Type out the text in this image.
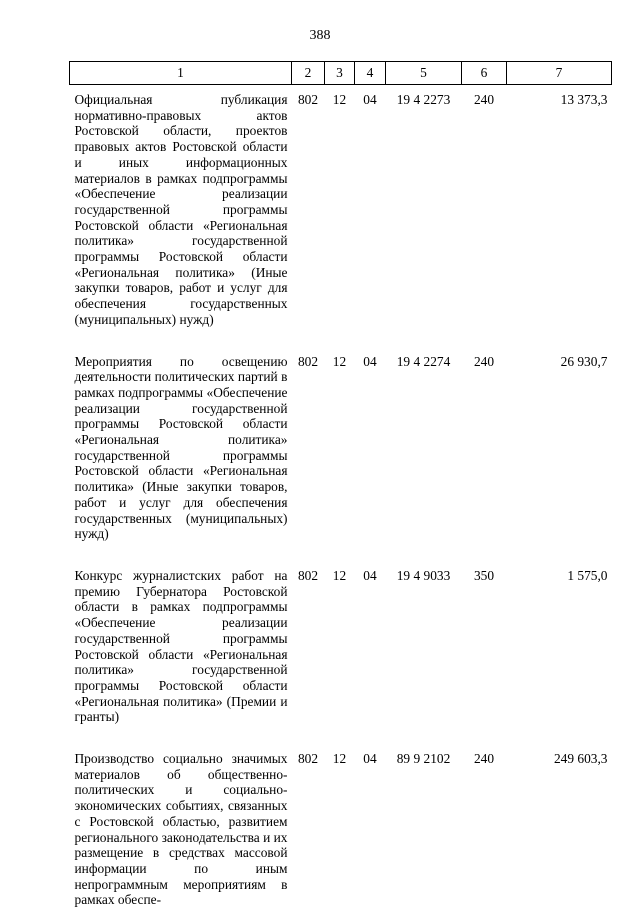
388
1	2	3	4	5	6	7

Официальная публикация нормативно-правовых актов Ростовской области, проектов правовых актов Ростовской области и иных информационных материалов в рамках подпрограммы «Обеспечение реализации государственной программы Ростовской области «Региональная политика» государственной программы Ростовской области «Региональная политика» (Иные закупки товаров, работ и услуг для обеспечения государственных (муниципальных) нужд)	802	12	04	19 4 2273	240	13 373,3

Мероприятия по освещению деятельности политических партий в рамках подпрограммы «Обеспечение реализации государственной программы Ростовской области «Региональная политика» государственной программы Ростовской области «Региональная политика» (Иные закупки товаров, работ и услуг для обеспечения государственных (муниципальных) нужд)	802	12	04	19 4 2274	240	26 930,7

Конкурс журналистских работ на премию Губернатора Ростовской области в рамках подпрограммы «Обеспечение реализации государственной программы Ростовской области «Региональная политика» государственной программы Ростовской области «Региональная политика» (Премии и гранты)	802	12	04	19 4 9033	350	1 575,0

Производство социально значимых материалов об общественно-политических и социально-экономических событиях, связанных с Ростовской областью, развитием регионального законодательства и их размещение в средствах массовой информации по иным непрограммным мероприятиям в рамках обеспе-	802	12	04	89 9 2102	240	249 603,3
